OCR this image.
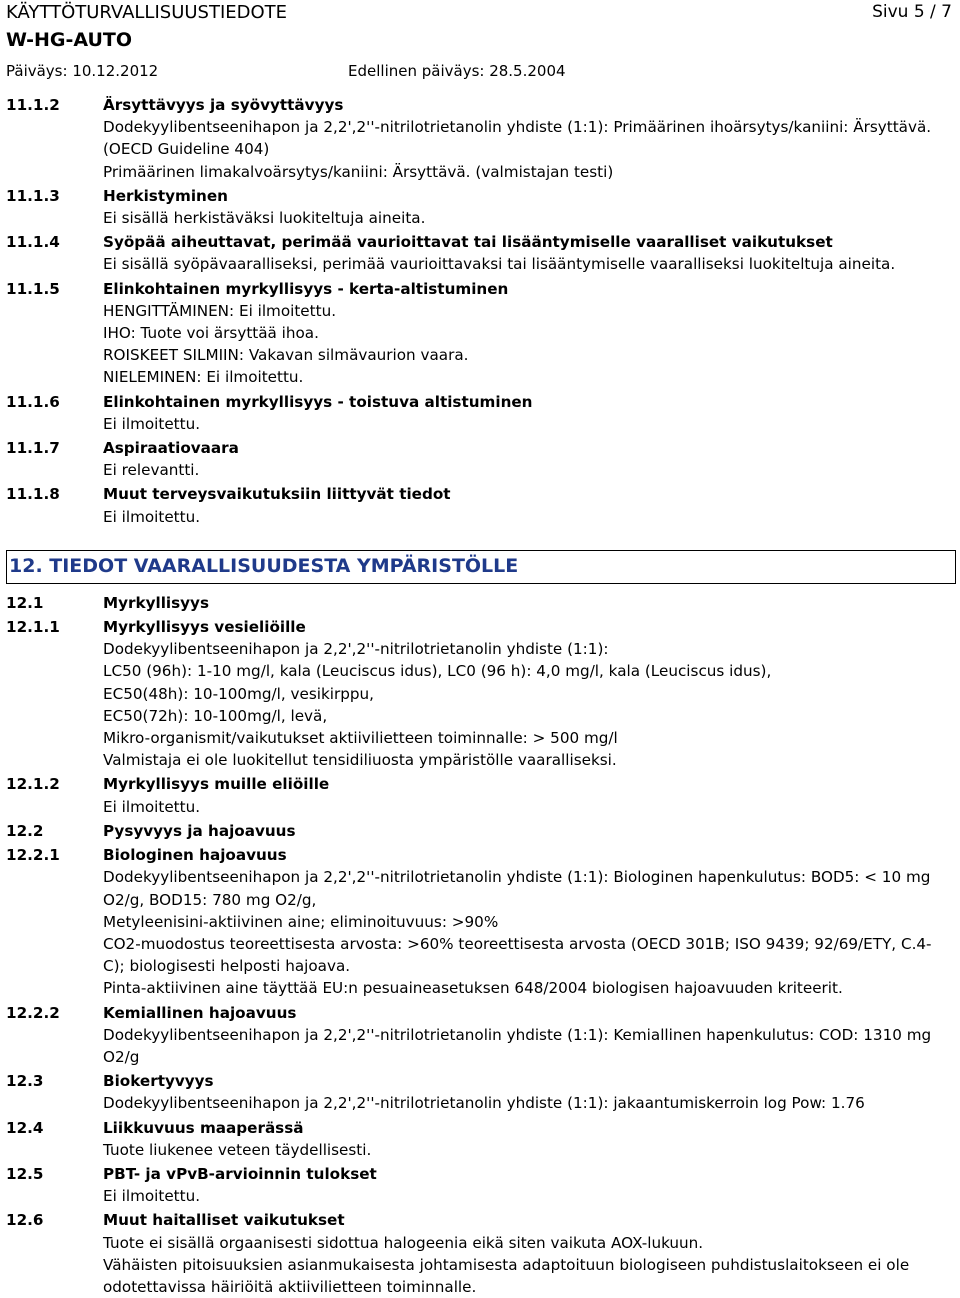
KÄYTTÖTURVALLISUUSTIEDOTE	Sivu 5 / 7
W-HG-AUTO
Päiväys: 10.12.2012	Edellinen päiväys: 28.5.2004
11.1.2	Ärsyttävyys ja syövyttävyys
Dodekyylibentseenihapon ja 2,2',2''-nitrilotrietanolin yhdiste (1:1): Primäärinen ihoärsytys/kaniini: Ärsyttävä.
(OECD Guideline 404)
Primäärinen limakalvoärsytys/kaniini: Ärsyttävä. (valmistajan testi)
11.1.3	Herkistyminen
Ei sisällä herkistäväksi luokiteltuja aineita.
11.1.4	Syöpää aiheuttavat, perimää vaurioittavat tai lisääntymiselle vaaralliset vaikutukset
Ei sisällä syöpävaaralliseksi, perimää vaurioittavaksi tai lisääntymiselle vaaralliseksi luokiteltuja aineita.
11.1.5	Elinkohtainen myrkyllisyys - kerta-altistuminen
HENGITTÄMINEN: Ei ilmoitettu.
IHO: Tuote voi ärsyttää ihoa.
ROISKEET SILMIIN: Vakavan silmävaurion vaara.
NIELEMINEN: Ei ilmoitettu.
11.1.6	Elinkohtainen myrkyllisyys - toistuva altistuminen
Ei ilmoitettu.
11.1.7	Aspiraatiovaara
Ei relevantti.
11.1.8	Muut terveysvaikutuksiin liittyvät tiedot
Ei ilmoitettu.
12. TIEDOT VAARALLISUUDESTA YMPÄRISTÖLLE
12.1	Myrkyllisyys
12.1.1	Myrkyllisyys vesieliöille
Dodekyylibentseenihapon ja 2,2',2''-nitrilotrietanolin yhdiste (1:1):
LC50 (96h): 1-10 mg/l, kala (Leuciscus idus), LC0 (96 h): 4,0 mg/l, kala (Leuciscus idus),
EC50(48h): 10-100mg/l, vesikirppu,
EC50(72h): 10-100mg/l, levä,
Mikro-organismit/vaikutukset aktiivilietteen toiminnalle: > 500 mg/l
Valmistaja ei ole luokitellut tensidiliuosta ympäristölle vaaralliseksi.
12.1.2	Myrkyllisyys muille eliöille
Ei ilmoitettu.
12.2	Pysyvyys ja hajoavuus
12.2.1	Biologinen hajoavuus
Dodekyylibentseenihapon ja 2,2',2''-nitrilotrietanolin yhdiste (1:1): Biologinen hapenkulutus: BOD5: < 10 mg
O2/g, BOD15: 780 mg O2/g,
Metyleenisini-aktiivinen aine; eliminoituvuus: >90%
CO2-muodostus teoreettisesta arvosta: >60% teoreettisesta arvosta (OECD 301B; ISO 9439; 92/69/ETY, C.4-
C); biologisesti helposti hajoava.
Pinta-aktiivinen aine täyttää EU:n pesuaineasetuksen 648/2004 biologisen hajoavuuden kriteerit.
12.2.2	Kemiallinen hajoavuus
Dodekyylibentseenihapon ja 2,2',2''-nitrilotrietanolin yhdiste (1:1): Kemiallinen hapenkulutus: COD: 1310 mg
O2/g
12.3	Biokertyvyys
Dodekyylibentseenihapon ja 2,2',2''-nitrilotrietanolin yhdiste (1:1): jakaantumiskerroin log Pow: 1.76
12.4	Liikkuvuus maaperässä
Tuote liukenee veteen täydellisesti.
12.5	PBT- ja vPvB-arvioinnin tulokset
Ei ilmoitettu.
12.6	Muut haitalliset vaikutukset
Tuote ei sisällä orgaanisesti sidottua halogeenia eikä siten vaikuta AOX-lukuun.
Vähäisten pitoisuuksien asianmukaisesta johtamisesta adaptoituun biologiseen puhdistuslaitokseen ei ole
odotettavissa häiriöitä aktiivilietteen toiminnalle.
